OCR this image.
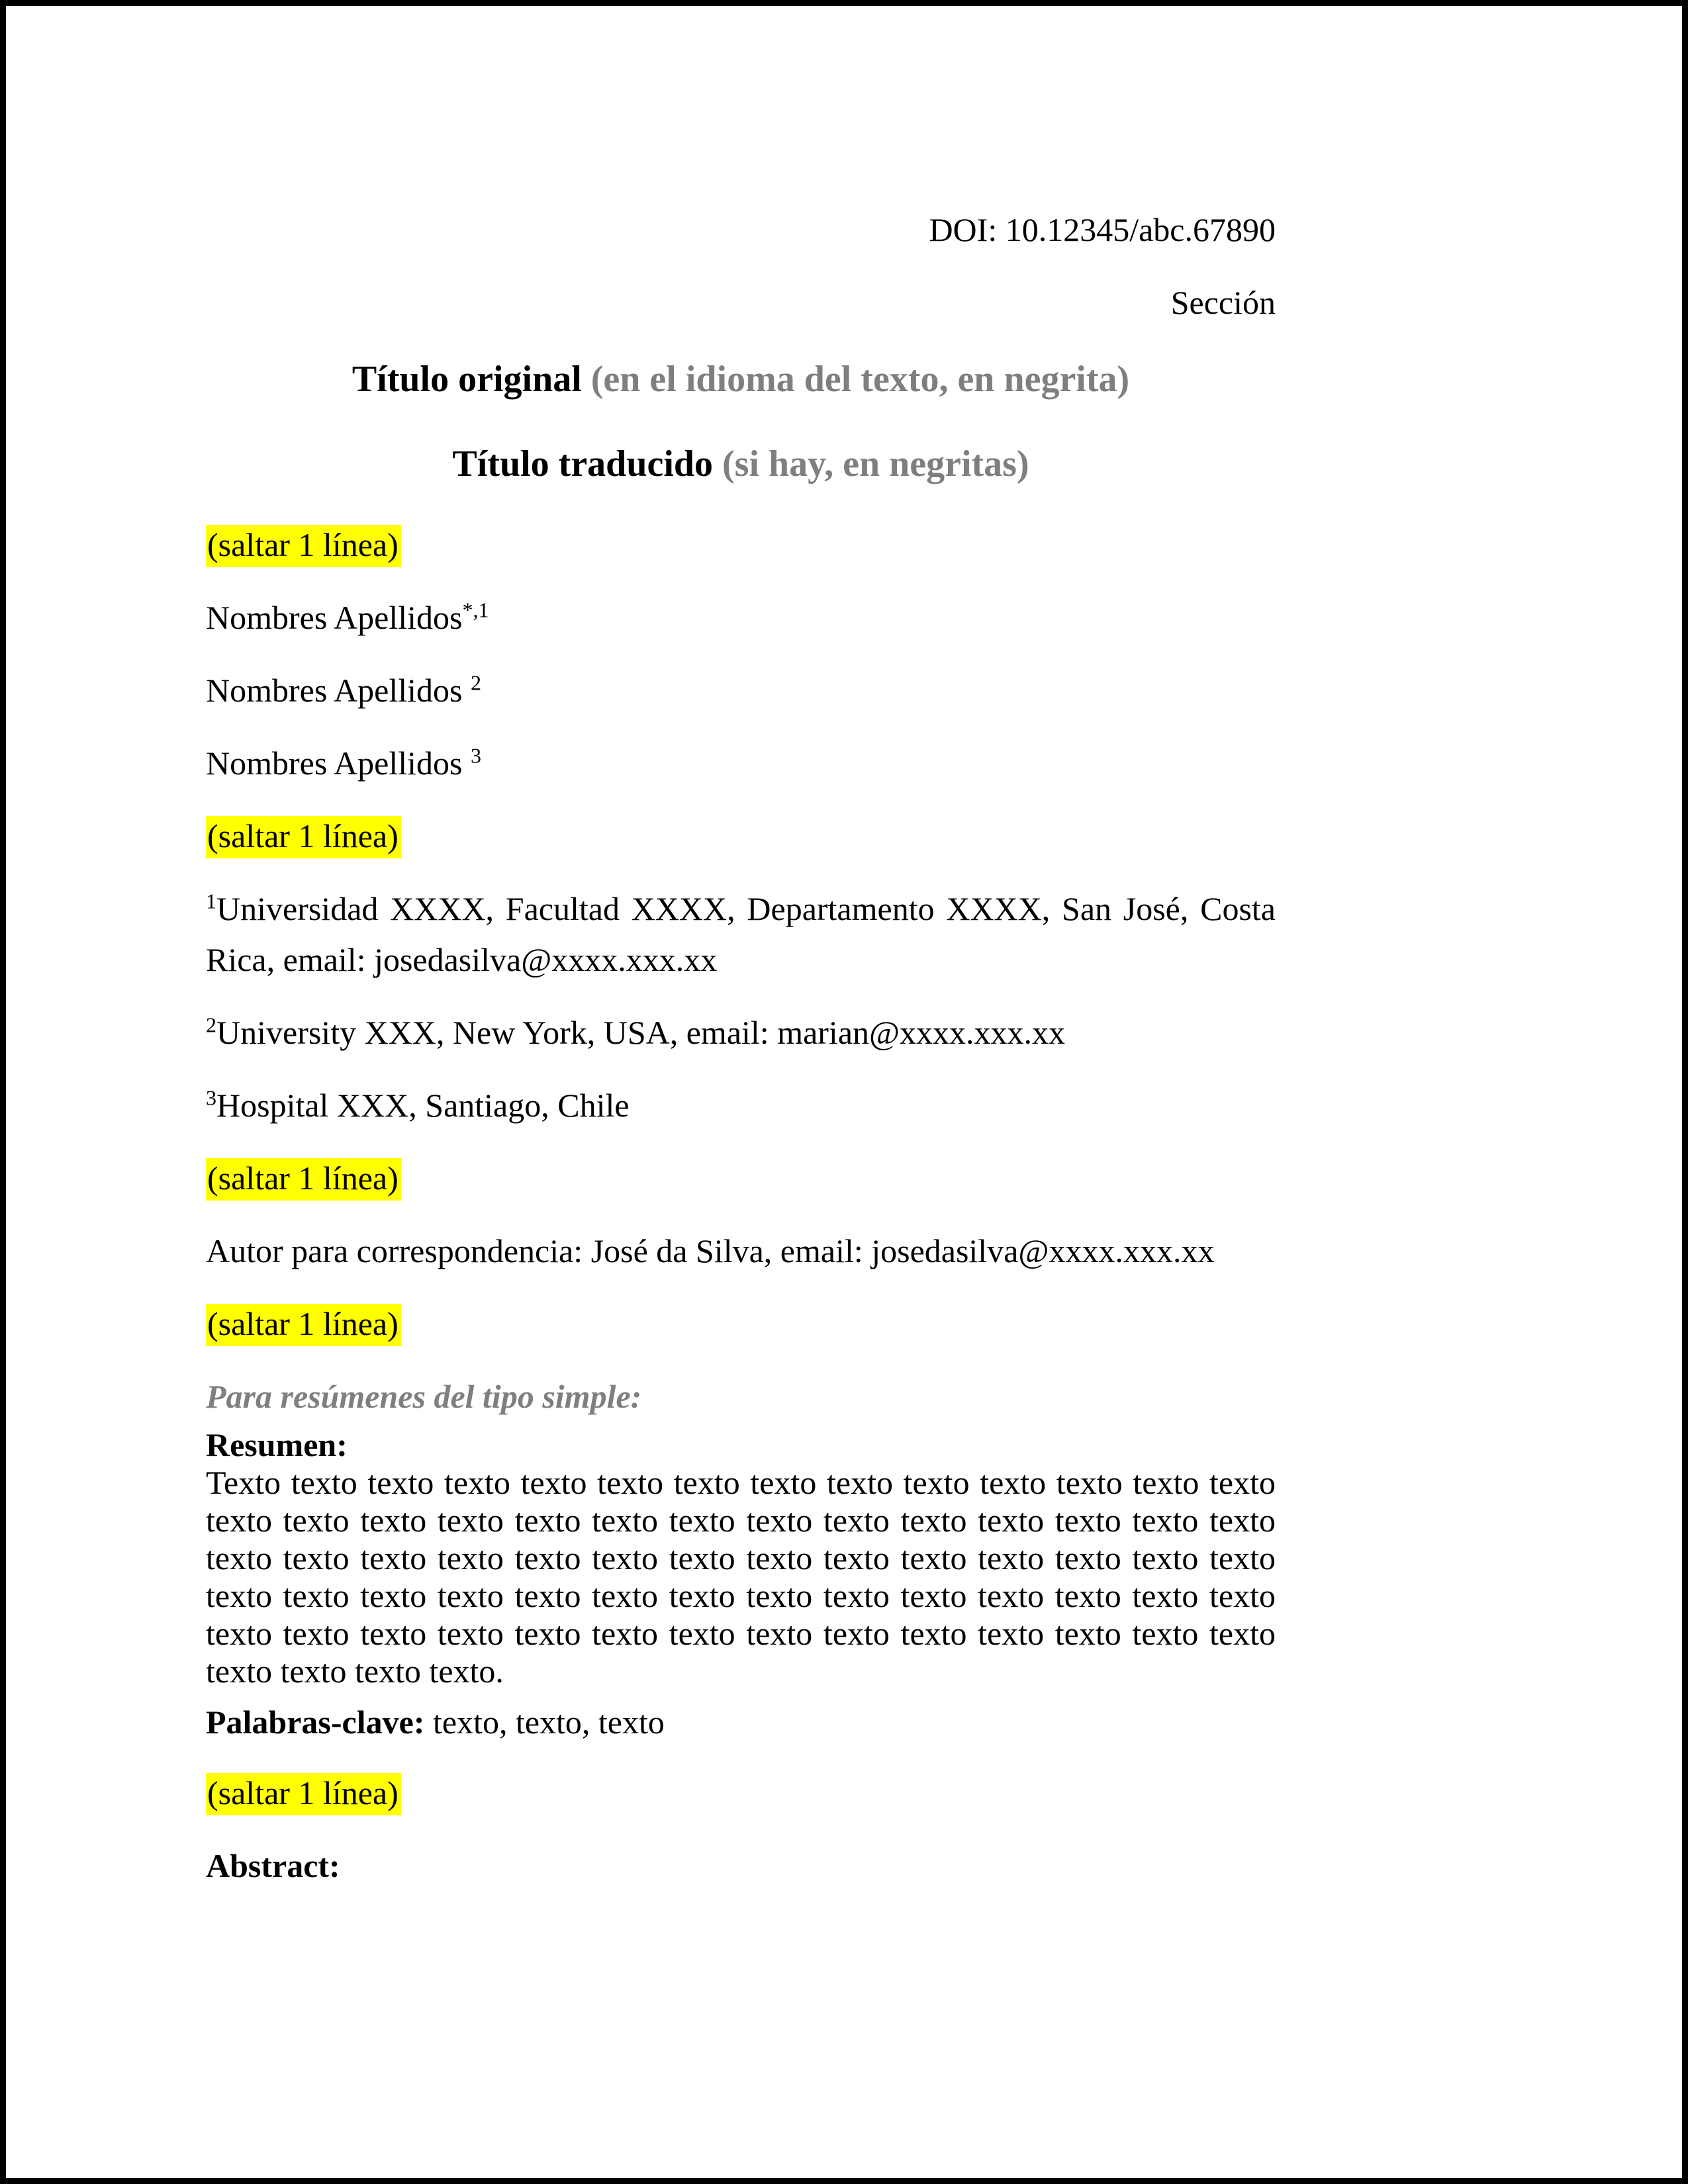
DOI: 10.12345/abc.67890

Sección

Título original (en el idioma del texto, en negrita)

Título traducido (si hay, en negritas)

(saltar 1 línea)

Nombres Apellidos$^{*,1}$

Nombres Apellidos $^2$

Nombres Apellidos $^3$

(saltar 1 línea)

$^1$Universidad XXXX, Facultad XXXX, Departamento XXXX, San José, Costa Rica, email: josedasilva@xxxx.xxx.xx

$^2$University XXX, New York, USA, email: marian@xxxx.xxx.xx

$^3$Hospital XXX, Santiago, Chile

(saltar 1 línea)

Autor para correspondencia: José da Silva, email: josedasilva@xxxx.xxx.xx

(saltar 1 línea)

Para resúmenes del tipo simple:

Resumen:

Texto texto texto texto texto texto texto texto texto texto texto texto texto texto texto texto texto texto texto texto texto texto texto texto texto texto texto texto texto texto texto texto texto texto texto texto texto texto texto texto texto texto texto texto texto texto texto texto texto texto texto texto texto texto texto texto texto texto texto texto texto texto texto texto texto texto texto texto texto texto texto texto texto texto.

Palabras-clave: texto, texto, texto

(saltar 1 línea)

Abstract:
